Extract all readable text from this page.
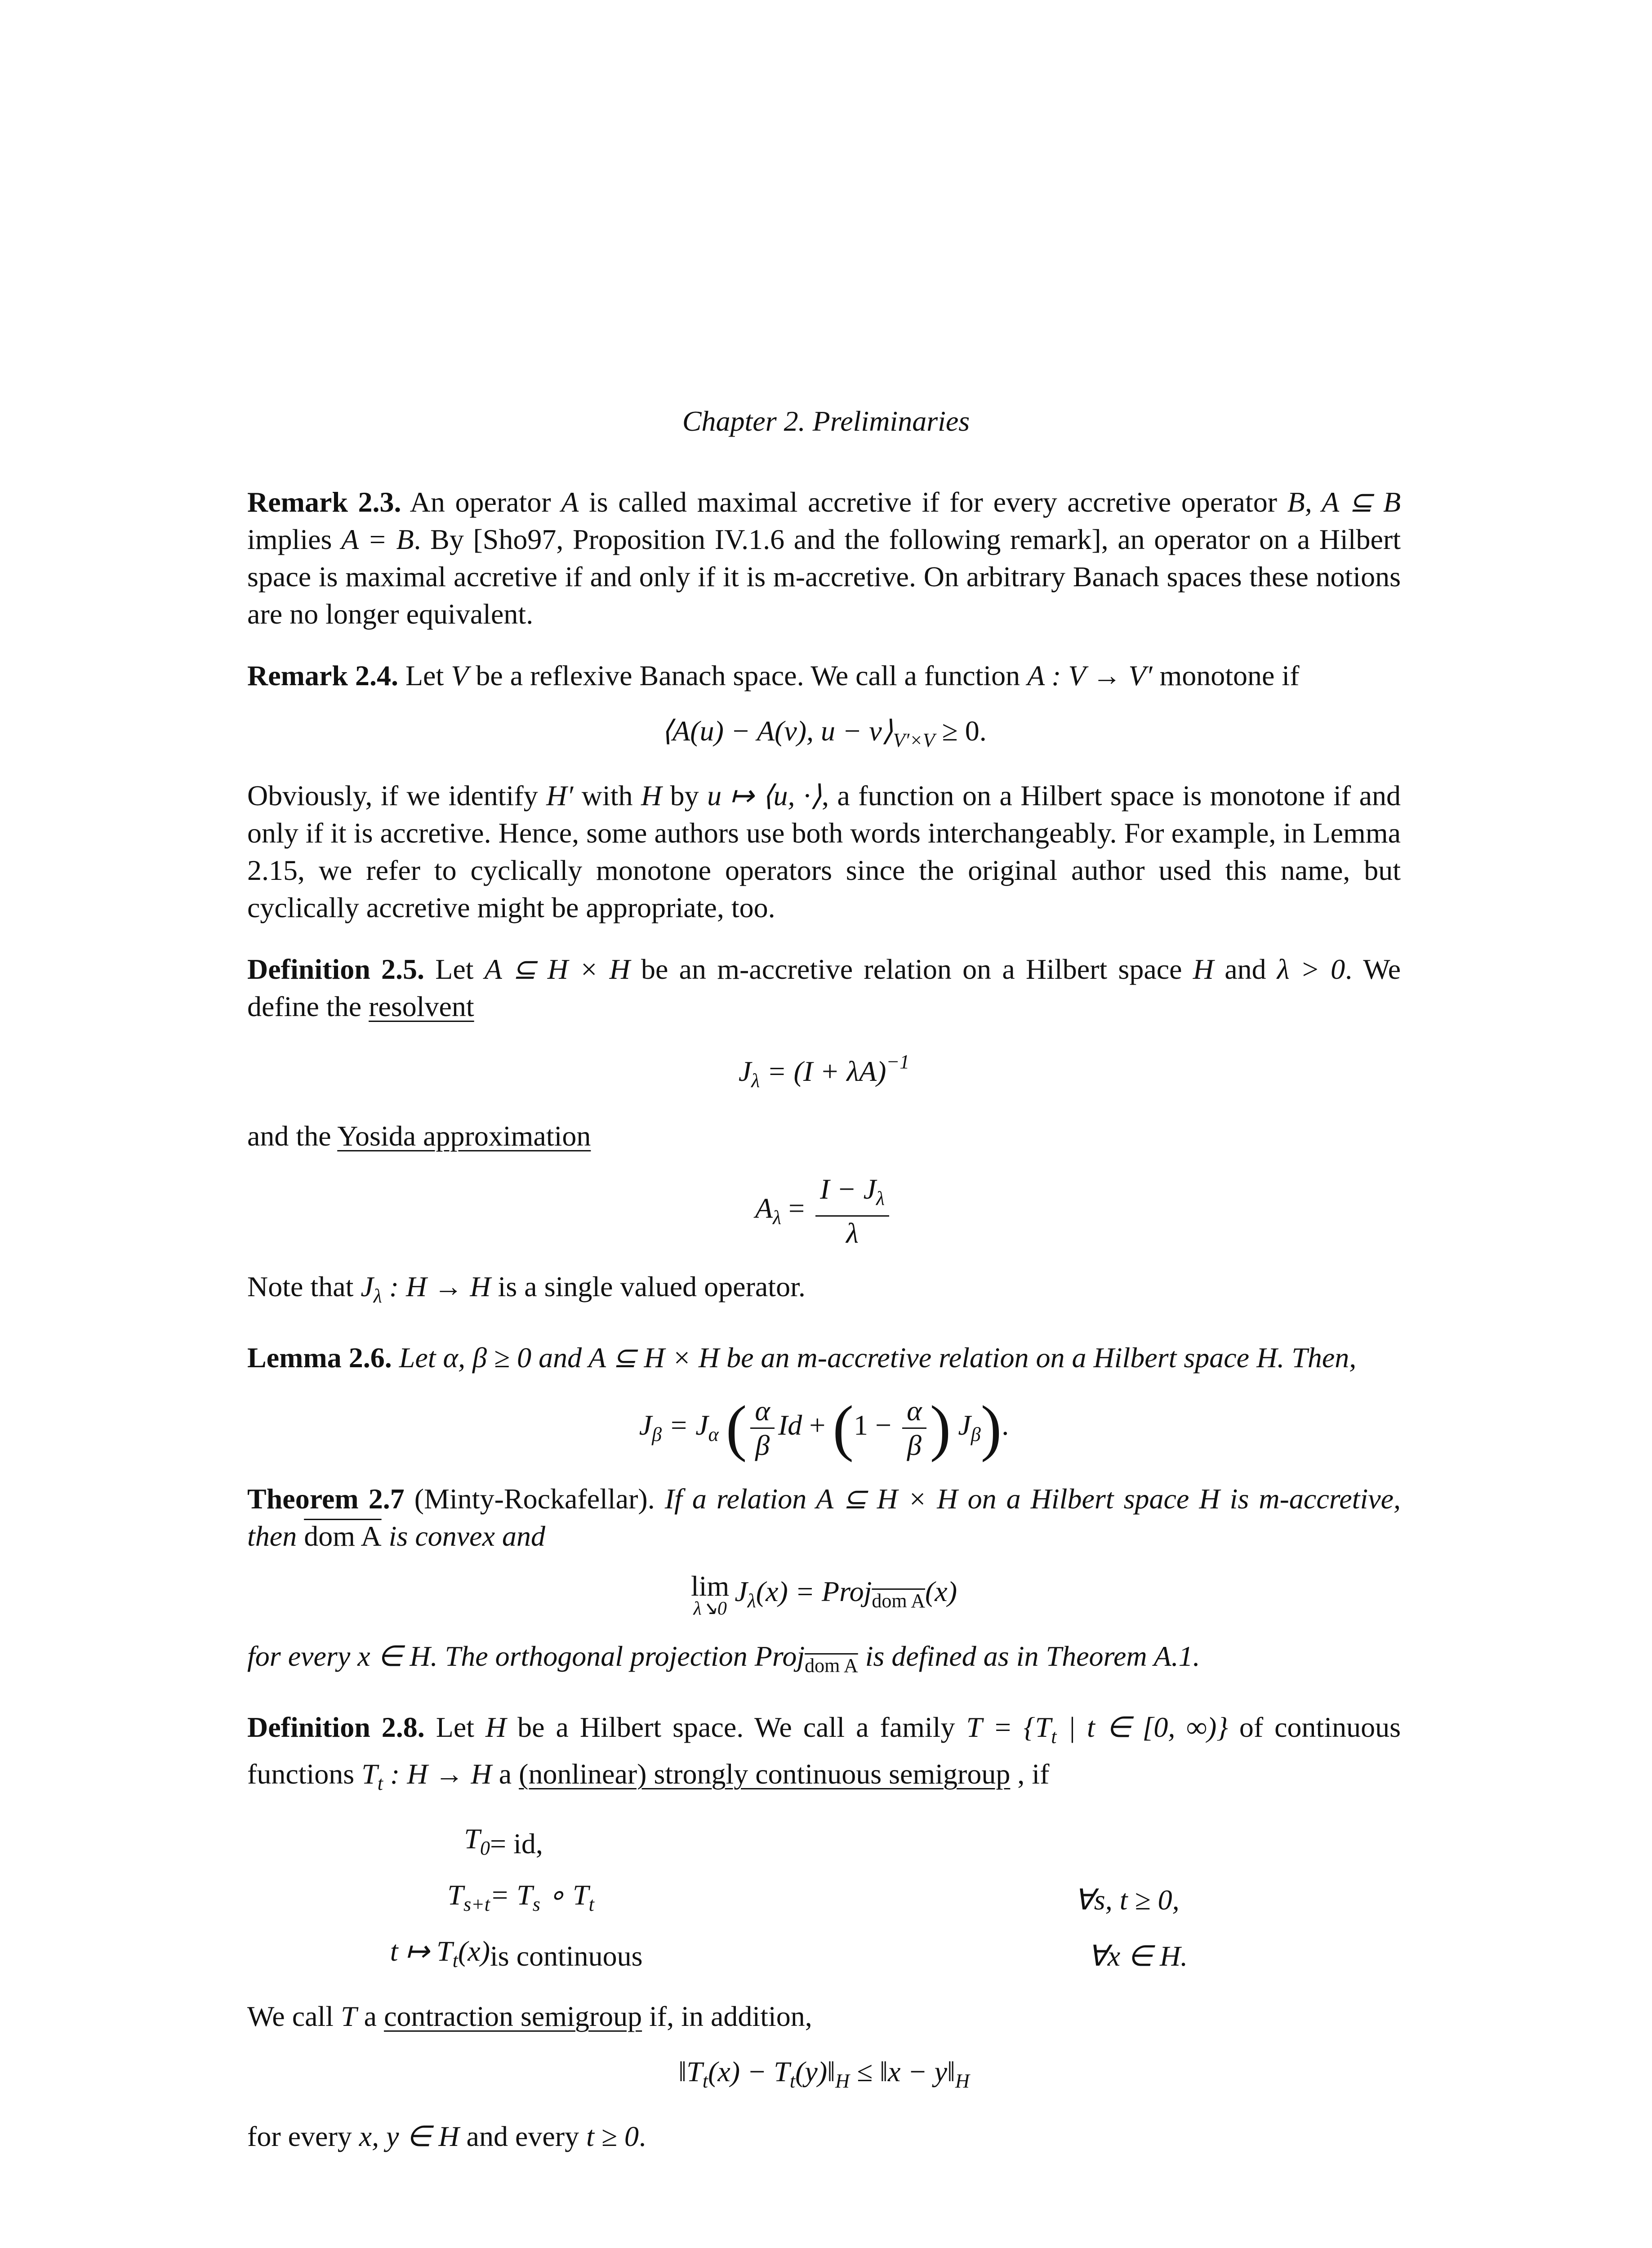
Chapter 2. Preliminaries

Remark 2.3. An operator A is called maximal accretive if for every accretive operator B, A ⊆ B implies A = B. By [Sho97, Proposition IV.1.6 and the following remark], an operator on a Hilbert space is maximal accretive if and only if it is m-accretive. On arbitrary Banach spaces these notions are no longer equivalent.

Remark 2.4. Let V be a reflexive Banach space. We call a function A : V → V′ monotone if

⟨A(u) − A(v), $u - v⟩_{V'\times V} \ge 0$.

Obviously, if we identify H′ with H by u ↦ ⟨u, ·⟩, a function on a Hilbert space is monotone if and only if it is accretive. Hence, some authors use both words interchangeably. For example, in Lemma 2.15, we refer to cyclically monotone operators since the original author used this name, but cyclically accretive might be appropriate, too.

Definition 2.5. Let A ⊆ H × H be an m-accretive relation on a Hilbert space H and λ > 0. We define the resolvent

$J_\lambda = (I + \lambda A)^{-1}$

and the Yosida approximation

$A_\lambda = \frac{I - J_\lambda}{\lambda}$

Note that $J_\lambda$ : H → H is a single valued operator.

Lemma 2.6. Let α, β ≥ 0 and A ⊆ H × H be an m-accretive relation on a Hilbert space H. Then,

$J_\beta = J_\alpha$ ( $\frac{\alpha}{\beta}$ $Id + (1 - \frac{\alpha}{\beta}$ ) $J_\beta$).

Theorem 2.7 (Minty-Rockafellar). If a relation A ⊆ H × H on a Hilbert space H is m-accretive, then dom A is convex and

lim
λ↘0
$J_\lambda(x)$ = Proj$_{dom A}$(x)

for every x ∈ H. The orthogonal projection Proj$_{dom A}$ is defined as in Theorem A.1.

Definition 2.8. Let H be a Hilbert space. We call a family $T = \{T_t$ | t ∈ [0, ∞)} of continuous functions $T_t$ : H → H a (nonlinear) strongly continuous semigroup , if

$T_0$	= id,	
$T_{s+t}$	= $T_s$ ∘ $T_t$	∀s, t ≥ 0,
t ↦ $T_t(x)$	is continuous	∀x ∈ H.

We call T a contraction semigroup if, in addition,

$‖T_t(x)$ − $T_t(y)‖_H$ ≤ ‖x − $y‖_H$

for every x, y ∈ H and every t ≥ 0.
